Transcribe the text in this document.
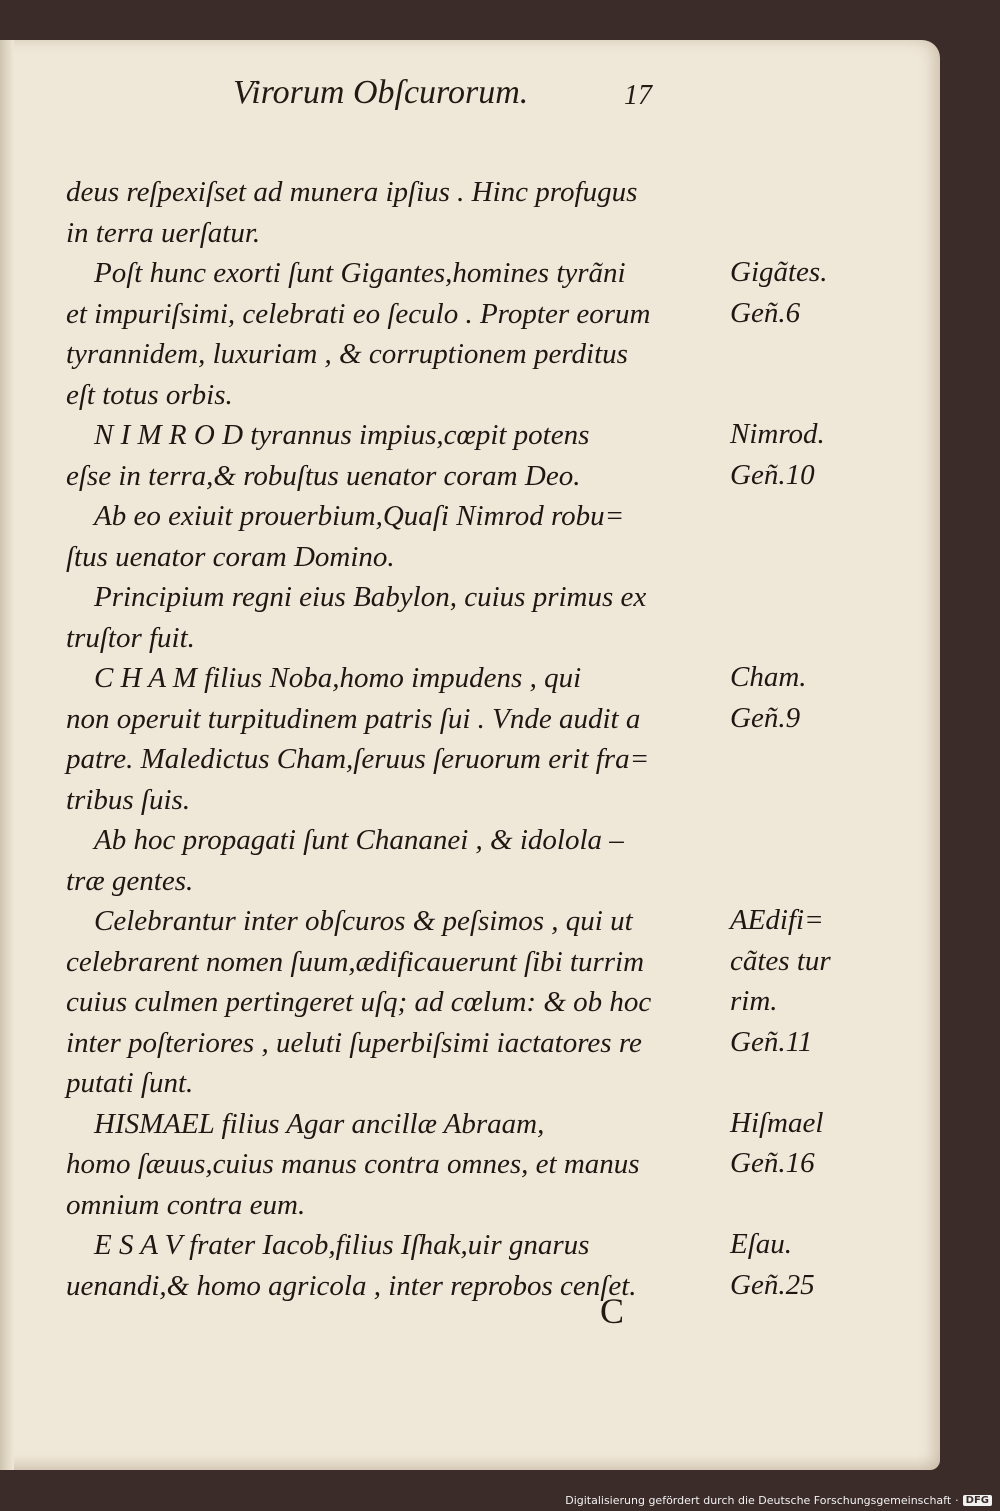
Virorum Obſcurorum.	17
deus reſpexiſset ad munera ipſius . Hinc profugus
in terra uerſatur.
Poſt hunc exorti ſunt Gigantes,homines tyrãni
et impuriſsimi, celebrati eo ſeculo . Propter eorum
tyrannidem, luxuriam , & corruptionem perditus
eſt totus orbis.
N I M R O D tyrannus impius,cœpit potens
eſse in terra,& robuſtus uenator coram Deo.
Ab eo exiuit prouerbium,Quaſi Nimrod robu=
ſtus uenator coram Domino.
Principium regni eius Babylon, cuius primus ex
truſtor fuit.
C H A M filius Noba,homo impudens , qui
non operuit turpitudinem patris ſui . Vnde audit a
patre. Maledictus Cham,ſeruus ſeruorum erit fra=
tribus ſuis.
Ab hoc propagati ſunt Chananei , & idolola –
træ gentes.
Celebrantur inter obſcuros & peſsimos , qui ut
celebrarent nomen ſuum,ædificauerunt ſibi turrim
cuius culmen pertingeret uſq; ad cœlum: & ob hoc
inter poſteriores , ueluti ſuperbiſsimi iactatores re
putati ſunt.
HISMAEL filius Agar ancillæ Abraam,
homo ſæuus,cuius manus contra omnes, et manus
omnium contra eum.
E S A V frater Iacob,filius Iſhak,uir gnarus
uenandi,& homo agricola , inter reprobos cenſet.
Gigãtes.
Geñ.6
Nimrod.
Geñ.10
Cham.
Geñ.9
AEdifi=
cãtes tur
rim.
Geñ.11
Hiſmael
Geñ.16
Eſau.
Geñ.25
C
Digitalisierung gefördert durch die Deutsche Forschungsgemeinschaft · DFG
